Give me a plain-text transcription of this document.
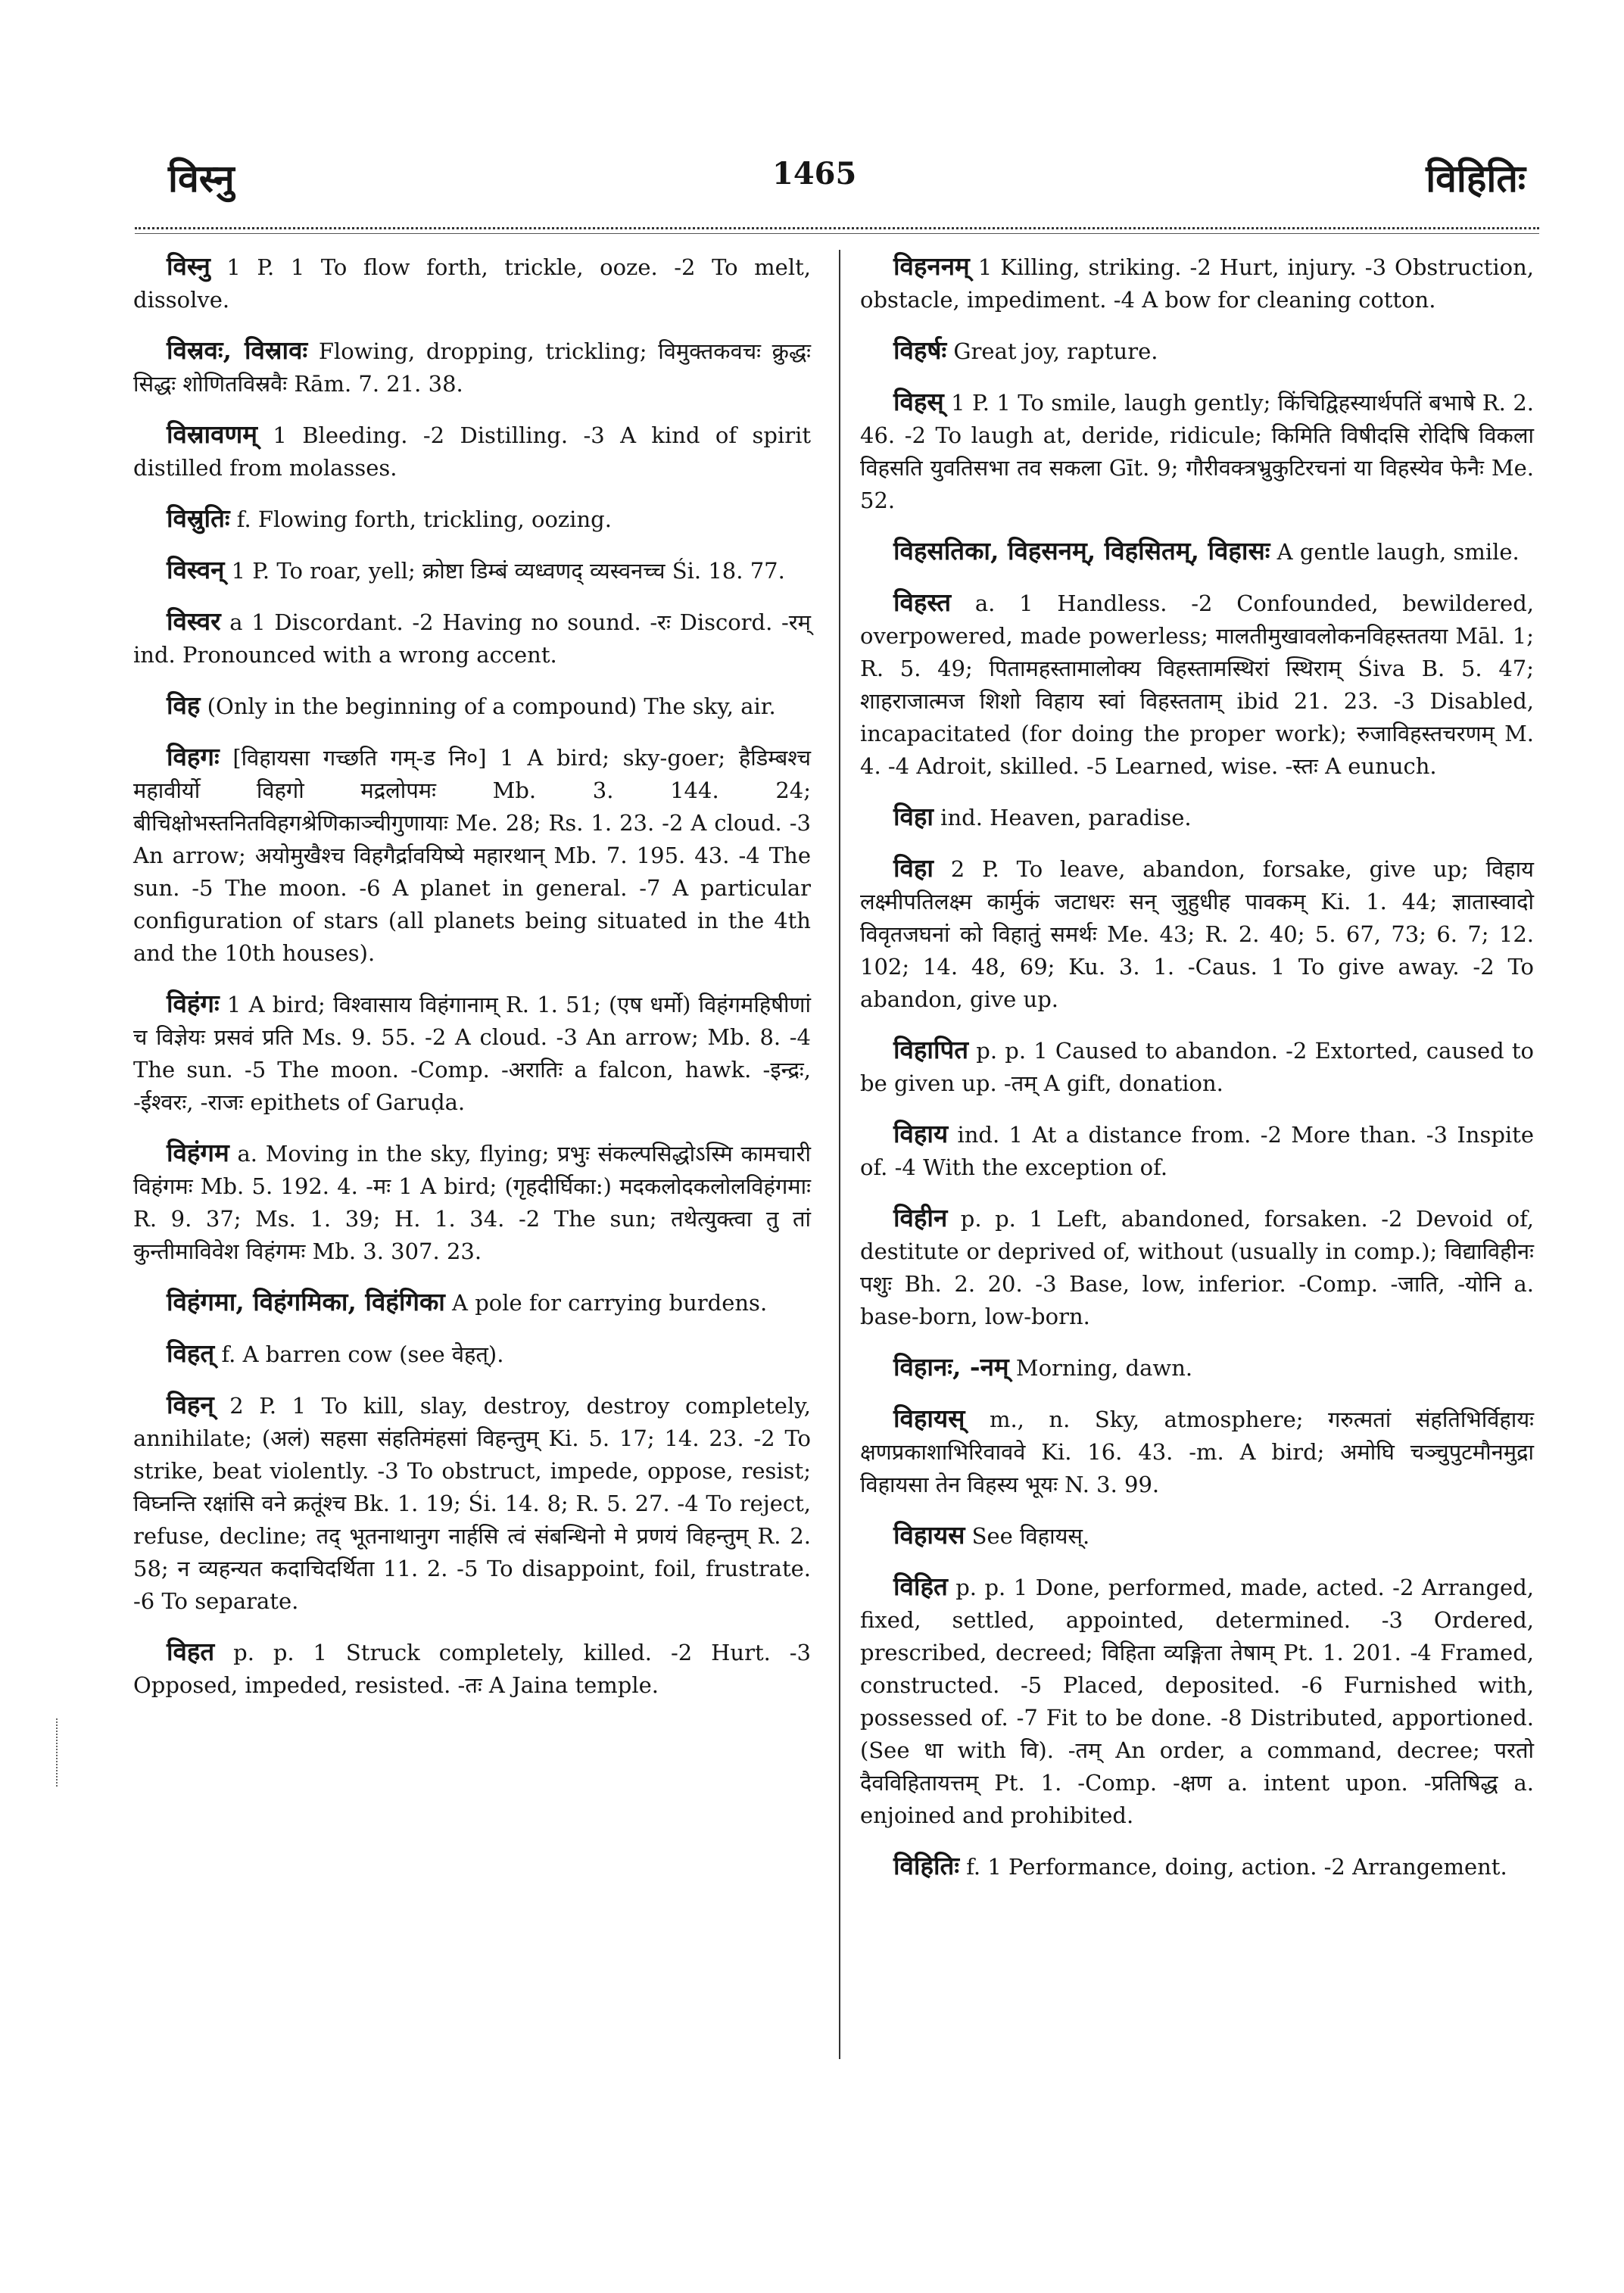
विस्नु	1465	विहितिः

विस्नु 1 P. 1 To flow forth, trickle, ooze. -2 To melt, dissolve.

विस्रवः, विस्रावः Flowing, dropping, trickling; विमुक्तकवचः क्रुद्धः सिद्धः शोणितविस्रवैः Rām. 7. 21. 38.

विस्रावणम् 1 Bleeding. -2 Distilling. -3 A kind of spirit distilled from molasses.

विस्रुतिः f. Flowing forth, trickling, oozing.

विस्वन् 1 P. To roar, yell; क्रोष्टा डिम्बं व्यध्वणद् व्यस्वनच्च Śi. 18. 77.

विस्वर a 1 Discordant. -2 Having no sound. -रः Discord. -रम् ind. Pronounced with a wrong accent.

विह (Only in the beginning of a compound) The sky, air.

विहगः [विहायसा गच्छति गम्-ड नि०] 1 A bird; sky-goer; हैडिम्बश्च महावीर्यो विहगो मद्रलोपमः Mb. 3. 144. 24; बीचिक्षोभस्तनितविहगश्रेणिकाञ्चीगुणायाः Me. 28; Rs. 1. 23. -2 A cloud. -3 An arrow; अयोमुखैश्च विहगैर्द्रावयिष्ये महारथान् Mb. 7. 195. 43. -4 The sun. -5 The moon. -6 A planet in general. -7 A particular configuration of stars (all planets being situated in the 4th and the 10th houses).

विहंगः 1 A bird; विश्वासाय विहंगानाम् R. 1. 51; (एष धर्मो) विहंगमहिषीणां च विज्ञेयः प्रसवं प्रति Ms. 9. 55. -2 A cloud. -3 An arrow; Mb. 8. -4 The sun. -5 The moon. -Comp. -अरातिः a falcon, hawk. -इन्द्रः, -ईश्वरः, -राजः epithets of Garuḍa.

विहंगम a. Moving in the sky, flying; प्रभुः संकल्पसिद्धोऽस्मि कामचारी विहंगमः Mb. 5. 192. 4. -मः 1 A bird; (गृहदीर्घिका:) मदकलोदकलोलविहंगमाः R. 9. 37; Ms. 1. 39; H. 1. 34. -2 The sun; तथेत्युक्त्वा तु तां कुन्तीमाविवेश विहंगमः Mb. 3. 307. 23.

विहंगमा, विहंगमिका, विहंगिका A pole for carrying burdens.

विहत् f. A barren cow (see वेहत्).

विहन् 2 P. 1 To kill, slay, destroy, destroy completely, annihilate; (अलं) सहसा संहतिमंहसां विहन्तुम् Ki. 5. 17; 14. 23. -2 To strike, beat violently. -3 To obstruct, impede, oppose, resist; विघ्नन्ति रक्षांसि वने क्रतूंश्च Bk. 1. 19; Śi. 14. 8; R. 5. 27. -4 To reject, refuse, decline; तद् भूतनाथानुग नार्हसि त्वं संबन्धिनो मे प्रणयं विहन्तुम् R. 2. 58; न व्यहन्यत कदाचिदर्थिता 11. 2. -5 To disappoint, foil, frustrate. -6 To separate.

विहत p. p. 1 Struck completely, killed. -2 Hurt. -3 Opposed, impeded, resisted. -तः A Jaina temple.

विहननम् 1 Killing, striking. -2 Hurt, injury. -3 Obstruction, obstacle, impediment. -4 A bow for cleaning cotton.

विहर्षः Great joy, rapture.

विहस् 1 P. 1 To smile, laugh gently; किंचिद्विहस्यार्थपतिं बभाषे R. 2. 46. -2 To laugh at, deride, ridicule; किमिति विषीदसि रोदिषि विकला विहसति युवतिसभा तव सकला Gīt. 9; गौरीवक्त्रभ्रुकुटिरचनां या विहस्येव फेनैः Me. 52.

विहसतिका, विहसनम्, विहसितम्, विहासः A gentle laugh, smile.

विहस्त a. 1 Handless. -2 Confounded, bewildered, overpowered, made powerless; मालतीमुखावलोकनविहस्ततया Māl. 1; R. 5. 49; पितामहस्तामालोक्य विहस्तामस्थिरां स्थिराम् Śiva B. 5. 47; शाहराजात्मज शिशो विहाय स्वां विहस्तताम् ibid 21. 23. -3 Disabled, incapacitated (for doing the proper work); रुजाविहस्तचरणम् M. 4. -4 Adroit, skilled. -5 Learned, wise. -स्तः A eunuch.

विहा ind. Heaven, paradise.

विहा 2 P. To leave, abandon, forsake, give up; विहाय लक्ष्मीपतिलक्ष्म कार्मुकं जटाधरः सन् जुहुधीह पावकम् Ki. 1. 44; ज्ञातास्वादो विवृतजघनां को विहातुं समर्थः Me. 43; R. 2. 40; 5. 67, 73; 6. 7; 12. 102; 14. 48, 69; Ku. 3. 1. -Caus. 1 To give away. -2 To abandon, give up.

विहापित p. p. 1 Caused to abandon. -2 Extorted, caused to be given up. -तम् A gift, donation.

विहाय ind. 1 At a distance from. -2 More than. -3 Inspite of. -4 With the exception of.

विहीन p. p. 1 Left, abandoned, forsaken. -2 Devoid of, destitute or deprived of, without (usually in comp.); विद्याविहीनः पशुः Bh. 2. 20. -3 Base, low, inferior. -Comp. -जाति, -योनि a. base-born, low-born.

विहानः, -नम् Morning, dawn.

विहायस् m., n. Sky, atmosphere; गरुत्मतां संहतिभिर्विहायः क्षणप्रकाशाभिरिवाववे Ki. 16. 43. -m. A bird; अमोघि चञ्चुपुटमौनमुद्रा विहायसा तेन विहस्य भूयः N. 3. 99.

विहायस See विहायस्.

विहित p. p. 1 Done, performed, made, acted. -2 Arranged, fixed, settled, appointed, determined. -3 Ordered, prescribed, decreed; विहिता व्यङ्गिता तेषाम् Pt. 1. 201. -4 Framed, constructed. -5 Placed, deposited. -6 Furnished with, possessed of. -7 Fit to be done. -8 Distributed, apportioned. (See धा with वि). -तम् An order, a command, decree; परतो दैवविहितायत्तम् Pt. 1. -Comp. -क्षण a. intent upon. -प्रतिषिद्ध a. enjoined and prohibited.

विहितिः f. 1 Performance, doing, action. -2 Arrangement.
